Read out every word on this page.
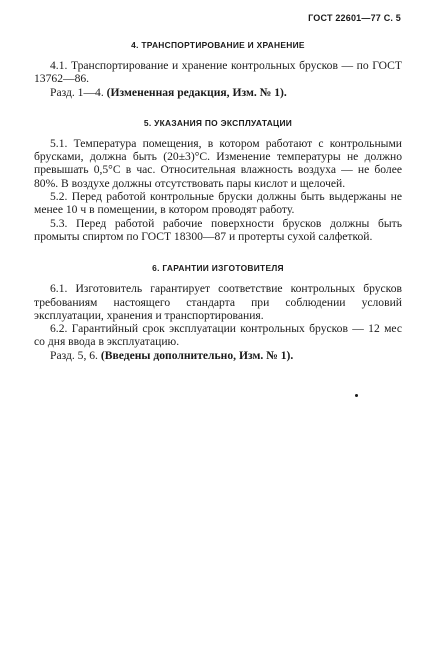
ГОСТ 22601—77 С. 5
4. ТРАНСПОРТИРОВАНИЕ И ХРАНЕНИЕ

4.1. Транспортирование и хранение контрольных брусков — по ГОСТ 13762—86.

Разд. 1—4. (Измененная редакция, Изм. № 1).

5. УКАЗАНИЯ ПО ЭКСПЛУАТАЦИИ

5.1. Температура помещения, в котором работают с контрольными брусками, должна быть (20±3)°С. Изменение температуры не должно превышать 0,5°С в час. Относительная влажность воздуха — не более 80%. В воздухе должны отсутствовать пары кислот и щелочей.

5.2. Перед работой контрольные бруски должны быть выдержаны не менее 10 ч в помещении, в котором проводят работу.

5.3. Перед работой рабочие поверхности брусков должны быть промыты спиртом по ГОСТ 18300—87 и протерты сухой салфеткой.

6. ГАРАНТИИ ИЗГОТОВИТЕЛЯ

6.1. Изготовитель гарантирует соответствие контрольных брусков требованиям настоящего стандарта при соблюдении условий эксплуатации, хранения и транспортирования.

6.2. Гарантийный срок эксплуатации контрольных брусков — 12 мес со дня ввода в эксплуатацию.

Разд. 5, 6. (Введены дополнительно, Изм. № 1).
